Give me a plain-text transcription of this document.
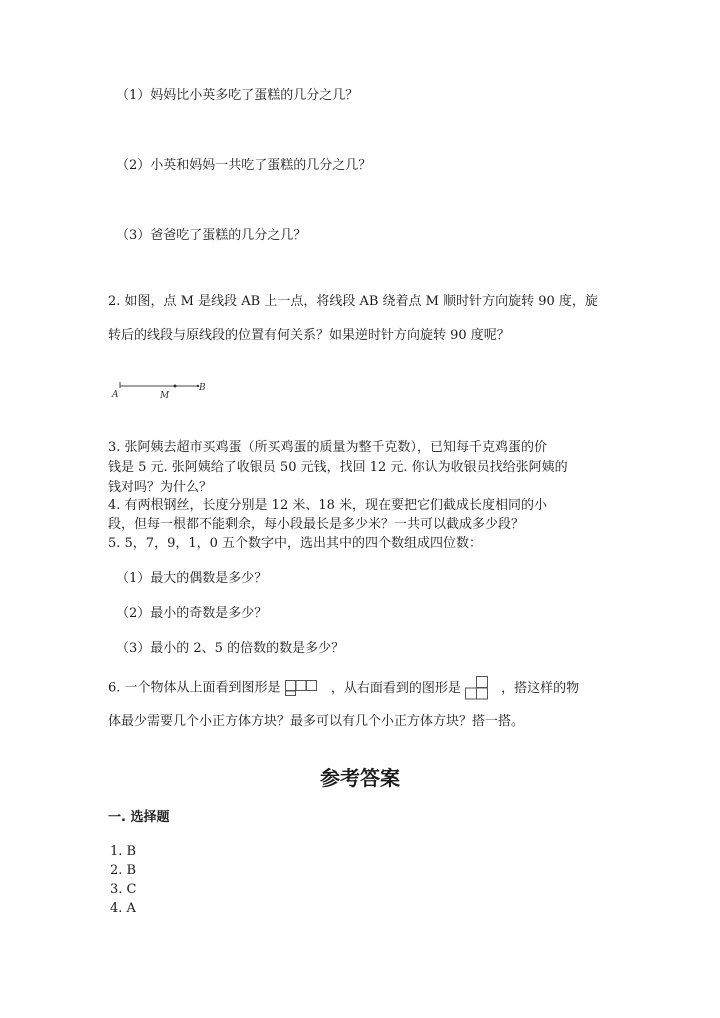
（1）妈妈比小英多吃了蛋糕的几分之几？
（2）小英和妈妈一共吃了蛋糕的几分之几？
（3）爸爸吃了蛋糕的几分之几？
2. 如图，点 M 是线段 AB 上一点，将线段 AB 绕着点 M 顺时针方向旋转 90 度，旋
转后的线段与原线段的位置有何关系？如果逆时针方向旋转 90 度呢？
A	M
B
3. 张阿姨去超市买鸡蛋（所买鸡蛋的质量为整千克数），已知每千克鸡蛋的价
钱是 5 元. 张阿姨给了收银员 50 元钱，找回 12 元. 你认为收银员找给张阿姨的
钱对吗？为什么？
4. 有两根钢丝，长度分别是 12 米、18 米，现在要把它们截成长度相同的小
段，但每一根都不能剩余，每小段最长是多少米？一共可以截成多少段？
5. 5，7，9，1，0 五个数字中，选出其中的四个数组成四位数：
（1）最大的偶数是多少？
（2）最小的奇数是多少？
（3）最小的 2、5 的倍数的数是多少？
6. 一个物体从上面看到图形是	，从右面看到的图形是	，搭这样的物
体最少需要几个小正方体方块？最多可以有几个小正方体方块？搭一搭。
参考答案
一. 选择题
1. B
2. B
3. C
4. A
